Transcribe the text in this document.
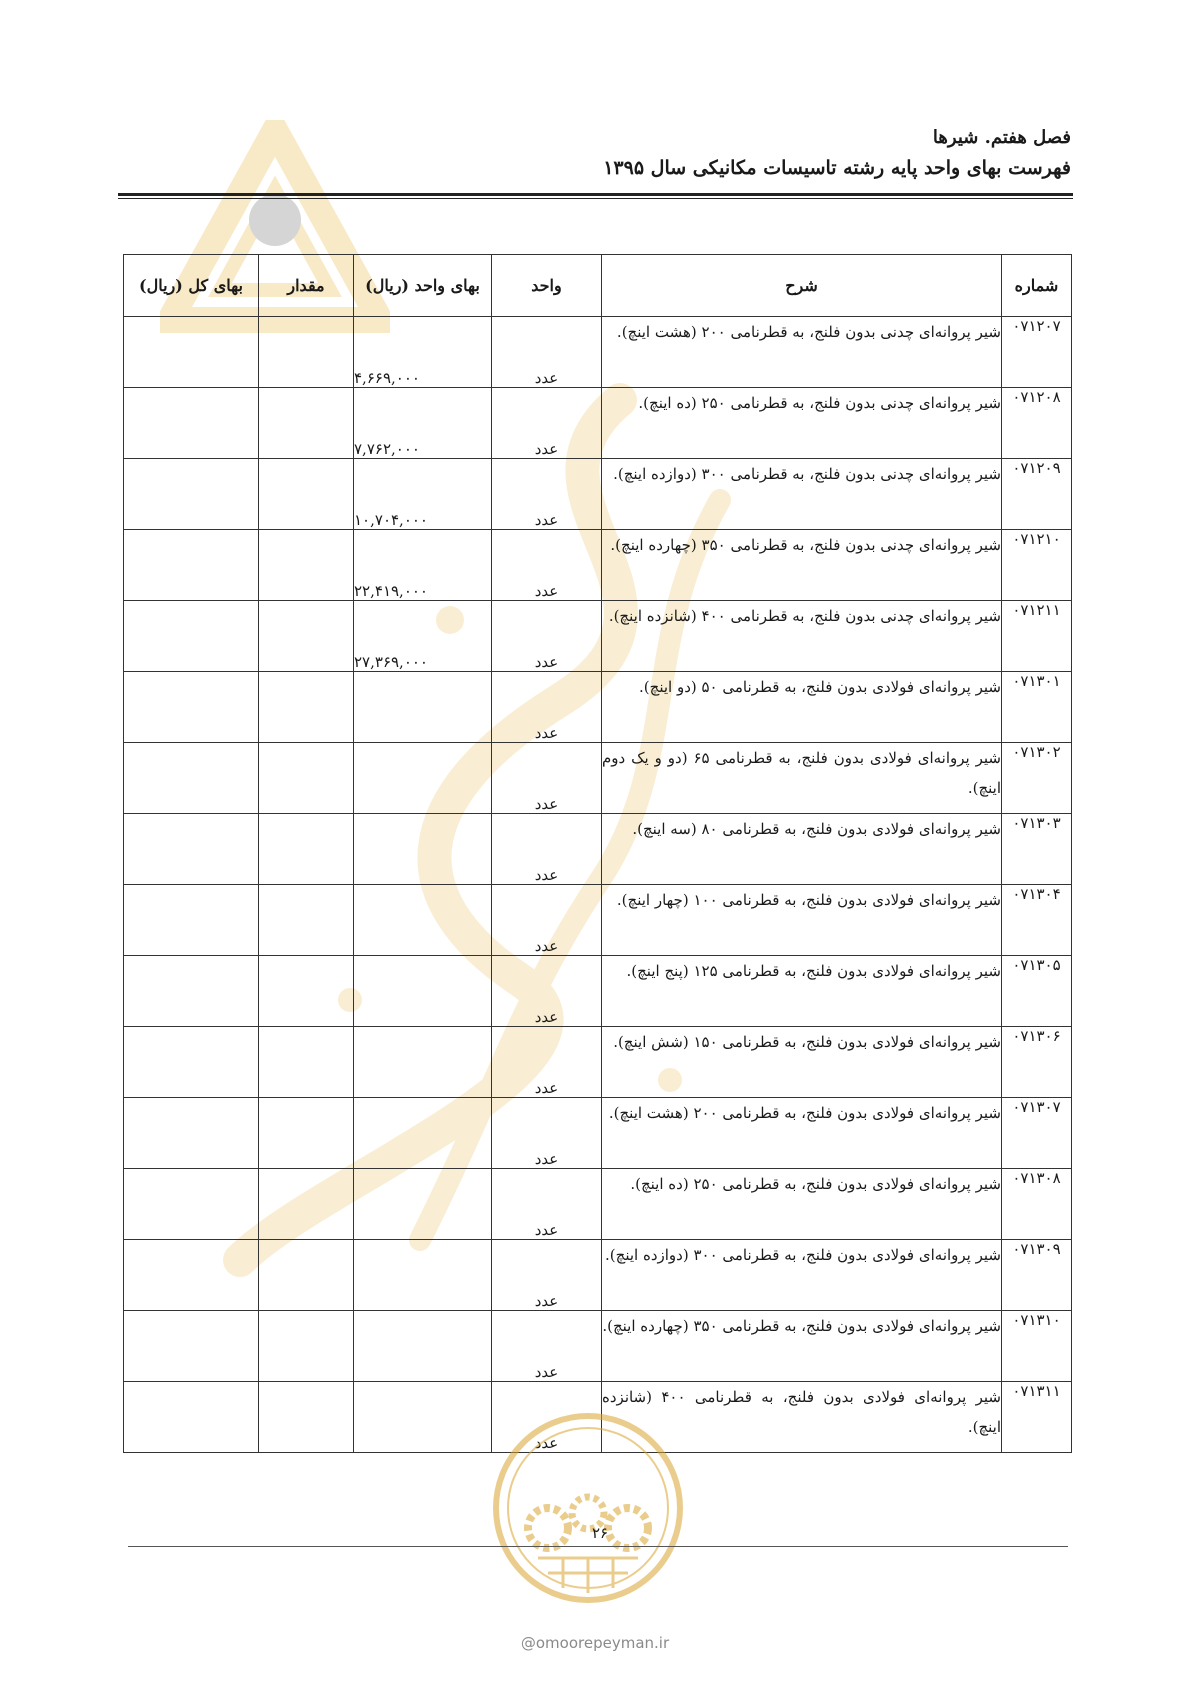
فصل هفتم. شیرها
فهرست بهای واحد پایه رشته تاسیسات مکانیکی سال ۱۳۹۵
شماره	شرح	واحد	بهای واحد (ریال)	مقدار	بهای کل (ریال)
۰۷۱۲۰۷	شیر پروانه‌ای چدنی بدون فلنج، به قطرنامی ۲۰۰ (هشت اینچ).	عدد	۴,۶۶۹,۰۰۰		
۰۷۱۲۰۸	شیر پروانه‌ای چدنی بدون فلنج، به قطرنامی ۲۵۰ (ده اینچ).	عدد	۷,۷۶۲,۰۰۰		
۰۷۱۲۰۹	شیر پروانه‌ای چدنی بدون فلنج، به قطرنامی ۳۰۰ (دوازده اینچ).	عدد	۱۰,۷۰۴,۰۰۰		
۰۷۱۲۱۰	شیر پروانه‌ای چدنی بدون فلنج، به قطرنامی ۳۵۰ (چهارده اینچ).	عدد	۲۲,۴۱۹,۰۰۰		
۰۷۱۲۱۱	شیر پروانه‌ای چدنی بدون فلنج، به قطرنامی ۴۰۰ (شانزده اینچ).	عدد	۲۷,۳۶۹,۰۰۰		
۰۷۱۳۰۱	شیر پروانه‌ای فولادی بدون فلنج، به قطرنامی ۵۰ (دو اینچ).	عدد			
۰۷۱۳۰۲	شیر پروانه‌ای فولادی بدون فلنج، به قطرنامی ۶۵ (دو و یک دوم اینچ).	عدد			
۰۷۱۳۰۳	شیر پروانه‌ای فولادی بدون فلنج، به قطرنامی ۸۰ (سه اینچ).	عدد			
۰۷۱۳۰۴	شیر پروانه‌ای فولادی بدون فلنج، به قطرنامی ۱۰۰ (چهار اینچ).	عدد			
۰۷۱۳۰۵	شیر پروانه‌ای فولادی بدون فلنج، به قطرنامی ۱۲۵ (پنج اینچ).	عدد			
۰۷۱۳۰۶	شیر پروانه‌ای فولادی بدون فلنج، به قطرنامی ۱۵۰ (شش اینچ).	عدد			
۰۷۱۳۰۷	شیر پروانه‌ای فولادی بدون فلنج، به قطرنامی ۲۰۰ (هشت اینچ).	عدد			
۰۷۱۳۰۸	شیر پروانه‌ای فولادی بدون فلنج، به قطرنامی ۲۵۰ (ده اینچ).	عدد			
۰۷۱۳۰۹	شیر پروانه‌ای فولادی بدون فلنج، به قطرنامی ۳۰۰ (دوازده اینچ).	عدد			
۰۷۱۳۱۰	شیر پروانه‌ای فولادی بدون فلنج، به قطرنامی ۳۵۰ (چهارده اینچ).	عدد			
۰۷۱۳۱۱	شیر پروانه‌ای فولادی بدون فلنج، به قطرنامی ۴۰۰ (شانزده اینچ).	عدد			
۲۶
@omoorepeyman.ir
